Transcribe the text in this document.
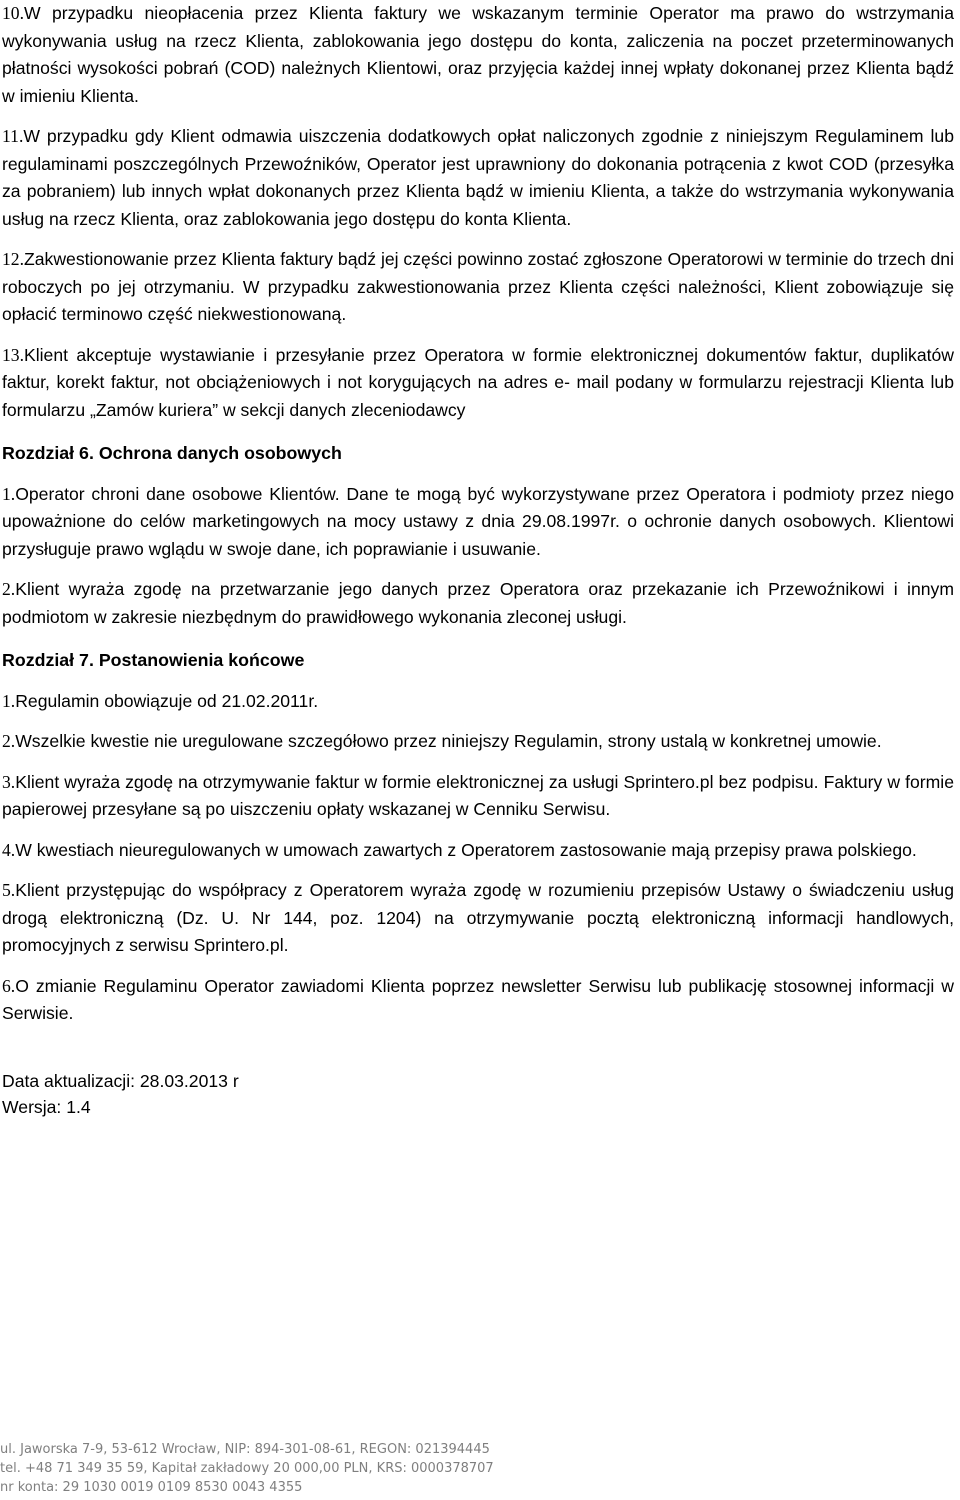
10.W przypadku nieopłacenia przez Klienta faktury we wskazanym terminie Operator ma prawo do wstrzymania wykonywania usług na rzecz Klienta, zablokowania jego dostępu do konta, zaliczenia na poczet przeterminowanych płatności wysokości pobrań (COD) należnych Klientowi, oraz przyjęcia każdej innej wpłaty dokonanej przez Klienta bądź w imieniu Klienta.

11.W przypadku gdy Klient odmawia uiszczenia dodatkowych opłat naliczonych zgodnie z niniejszym Regulaminem lub regulaminami poszczególnych Przewoźników, Operator jest uprawniony do dokonania potrącenia z kwot COD (przesyłka za pobraniem) lub innych wpłat dokonanych przez Klienta bądź w imieniu Klienta, a także do wstrzymania wykonywania usług na rzecz Klienta, oraz zablokowania jego dostępu do konta Klienta.

12.Zakwestionowanie przez Klienta faktury bądź jej części powinno zostać zgłoszone Operatorowi w terminie do trzech dni roboczych po jej otrzymaniu. W przypadku zakwestionowania przez Klienta części należności, Klient zobowiązuje się opłacić terminowo część niekwestionowaną.

13.Klient akceptuje wystawianie i przesyłanie przez Operatora w formie elektronicznej dokumentów faktur, duplikatów faktur, korekt faktur, not obciążeniowych i not korygujących na adres e- mail podany w formularzu rejestracji Klienta lub formularzu „Zamów kuriera” w sekcji danych zleceniodawcy

Rozdział 6. Ochrona danych osobowych

1.Operator chroni dane osobowe Klientów. Dane te mogą być wykorzystywane przez Operatora i podmioty przez niego upoważnione do celów marketingowych na mocy ustawy z dnia 29.08.1997r. o ochronie danych osobowych. Klientowi przysługuje prawo wglądu w swoje dane, ich poprawianie i usuwanie.

2.Klient wyraża zgodę na przetwarzanie jego danych przez Operatora oraz przekazanie ich Przewoźnikowi i innym podmiotom w zakresie niezbędnym do prawidłowego wykonania zleconej usługi.

Rozdział 7. Postanowienia końcowe

1.Regulamin obowiązuje od 21.02.2011r.

2.Wszelkie kwestie nie uregulowane szczegółowo przez niniejszy Regulamin, strony ustalą w konkretnej umowie.

3.Klient wyraża zgodę na otrzymywanie faktur w formie elektronicznej za usługi Sprintero.pl bez podpisu. Faktury w formie papierowej przesyłane są po uiszczeniu opłaty wskazanej w Cenniku Serwisu.

4.W kwestiach nieuregulowanych w umowach zawartych z Operatorem zastosowanie mają przepisy prawa polskiego.

5.Klient przystępując do współpracy z Operatorem wyraża zgodę w rozumieniu przepisów Ustawy o świadczeniu usług drogą elektroniczną (Dz. U. Nr 144, poz. 1204) na otrzymywanie pocztą elektroniczną informacji handlowych, promocyjnych z serwisu Sprintero.pl.

6.O zmianie Regulaminu Operator zawiadomi Klienta poprzez newsletter Serwisu lub publikację stosownej informacji w Serwisie.

Data aktualizacji: 28.03.2013 r

Wersja: 1.4

ul. Jaworska 7-9, 53-612 Wrocław, NIP: 894-301-08-61, REGON: 021394445
tel. +48 71 349 35 59, Kapitał zakładowy 20 000,00 PLN, KRS: 0000378707
nr konta: 29 1030 0019 0109 8530 0043 4355
